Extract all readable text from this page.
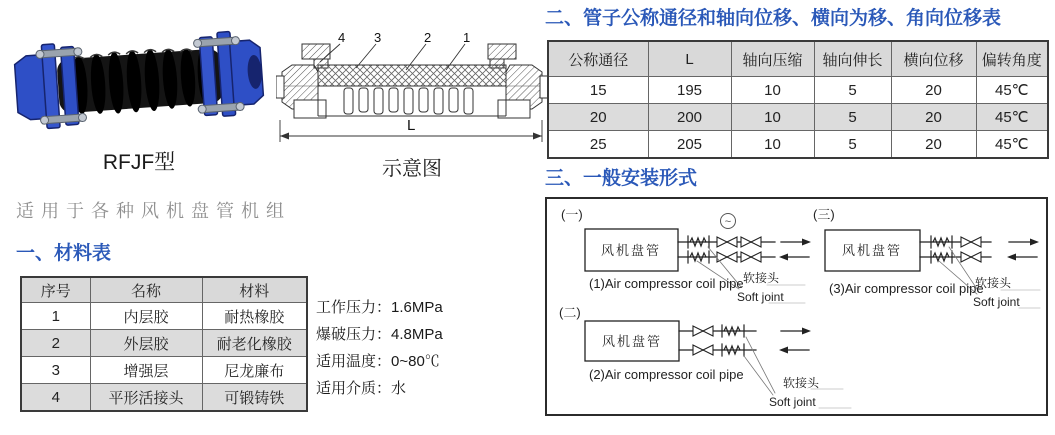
RFJF型
4 3	2 1
L
示意图
适用于各种风机盘管机组
一、材料表
序号	名称	材料
1	内层胶	耐热橡胶
2	外层胶	耐老化橡胶
3	增强层	尼龙廉布
4	平形活接头	可锻铸铁
工作压力：1.6MPa
爆破压力：4.8MPa
适用温度：0~80℃
适用介质：水
二、管子公称通径和轴向位移、横向为移、角向位移表
公称通径	L	轴向压缩	轴向伸长	横向位移	偏转角度
15	195	10	5	20	45℃
20	200	10	5	20	45℃
25	205	10	5	20	45℃
三、一般安装形式
(一)
风机盘管
~
(1)Air compressor coil pipe 软接头
Soft joint
(三)
风机盘管
(3)Air compressor coil pipe
软接头
Soft joint
(二)
风机盘管
(2)Air compressor coil pipe
软接头
Soft joint
